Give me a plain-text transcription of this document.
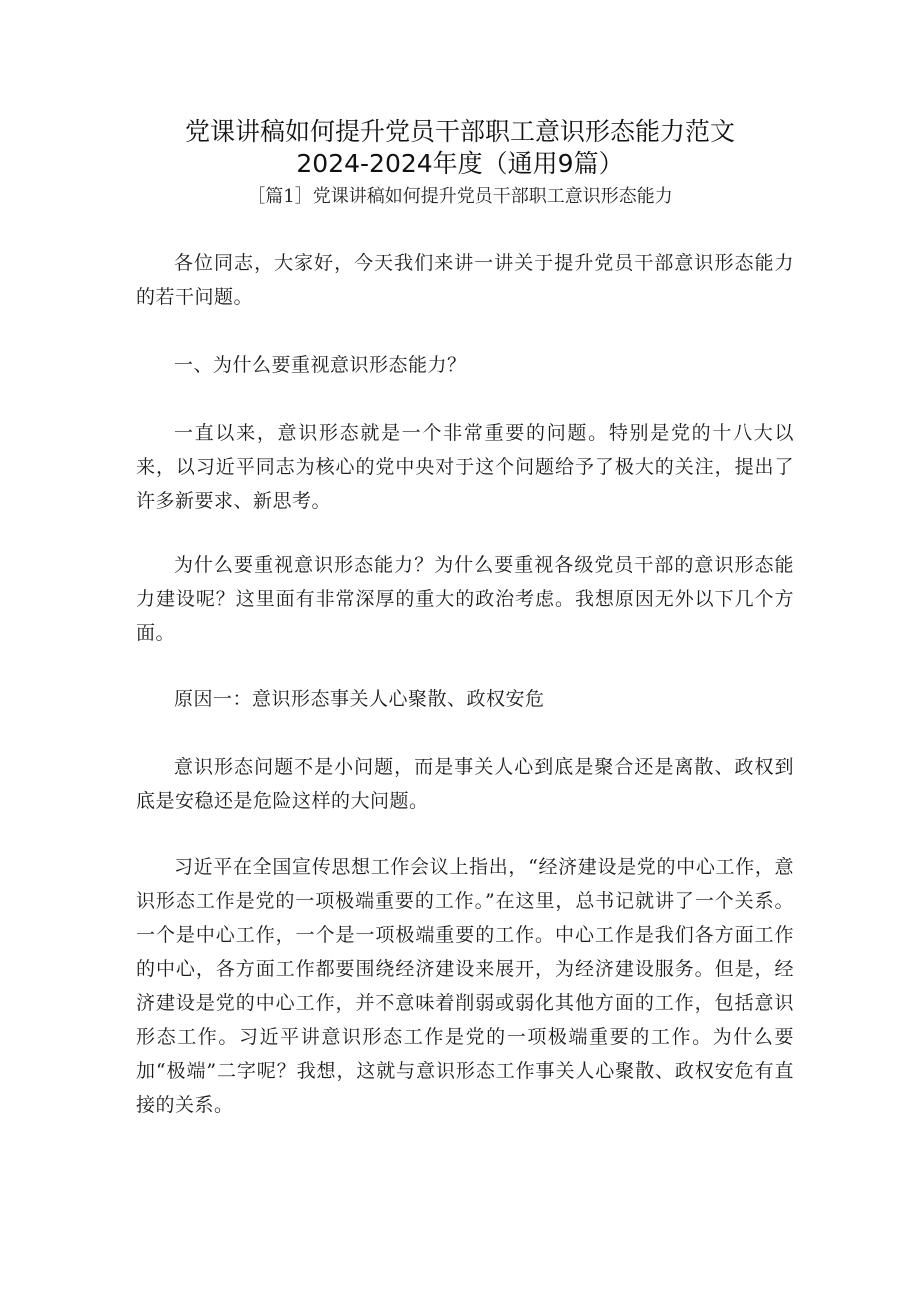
党课讲稿如何提升党员干部职工意识形态能力范文
2024-2024年度（通用9篇）

［篇1］党课讲稿如何提升党员干部职工意识形态能力

各位同志，大家好，今天我们来讲一讲关于提升党员干部意识形态能力的若干问题。

一、为什么要重视意识形态能力？

一直以来，意识形态就是一个非常重要的问题。特别是党的十八大以来，以习近平同志为核心的党中央对于这个问题给予了极大的关注，提出了许多新要求、新思考。

为什么要重视意识形态能力？为什么要重视各级党员干部的意识形态能力建设呢？这里面有非常深厚的重大的政治考虑。我想原因无外以下几个方面。

原因一：意识形态事关人心聚散、政权安危

意识形态问题不是小问题，而是事关人心到底是聚合还是离散、政权到底是安稳还是危险这样的大问题。

习近平在全国宣传思想工作会议上指出，“经济建设是党的中心工作，意识形态工作是党的一项极端重要的工作。”在这里，总书记就讲了一个关系。一个是中心工作，一个是一项极端重要的工作。中心工作是我们各方面工作的中心，各方面工作都要围绕经济建设来展开，为经济建设服务。但是，经济建设是党的中心工作，并不意味着削弱或弱化其他方面的工作，包括意识形态工作。习近平讲意识形态工作是党的一项极端重要的工作。为什么要加“极端”二字呢？我想，这就与意识形态工作事关人心聚散、政权安危有直接的关系。
